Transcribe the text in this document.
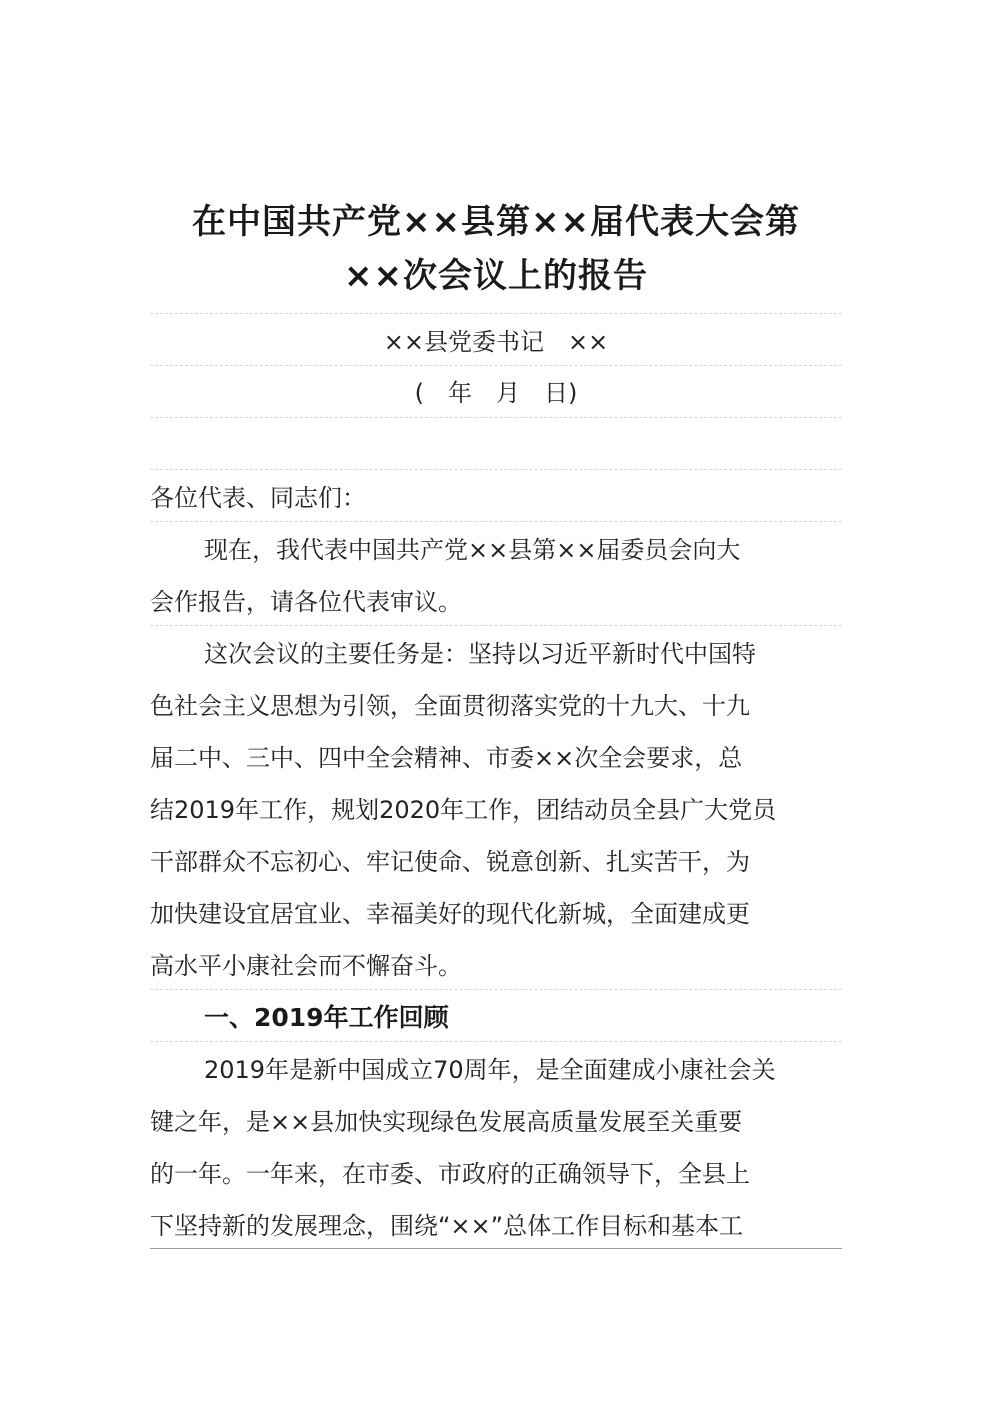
在中国共产党××县第××届代表大会第
××次会议上的报告
××县党委书记　××
(　年　月　日)
各位代表、同志们：
现在，我代表中国共产党××县第××届委员会向大
会作报告，请各位代表审议。
这次会议的主要任务是：坚持以习近平新时代中国特
色社会主义思想为引领，全面贯彻落实党的十九大、十九
届二中、三中、四中全会精神、市委××次全会要求，总
结2019年工作，规划2020年工作，团结动员全县广大党员
干部群众不忘初心、牢记使命、锐意创新、扎实苦干，为
加快建设宜居宜业、幸福美好的现代化新城，全面建成更
高水平小康社会而不懈奋斗。
一、2019年工作回顾
2019年是新中国成立70周年，是全面建成小康社会关
键之年，是××县加快实现绿色发展高质量发展至关重要
的一年。一年来，在市委、市政府的正确领导下，全县上
下坚持新的发展理念，围绕“××”总体工作目标和基本工
